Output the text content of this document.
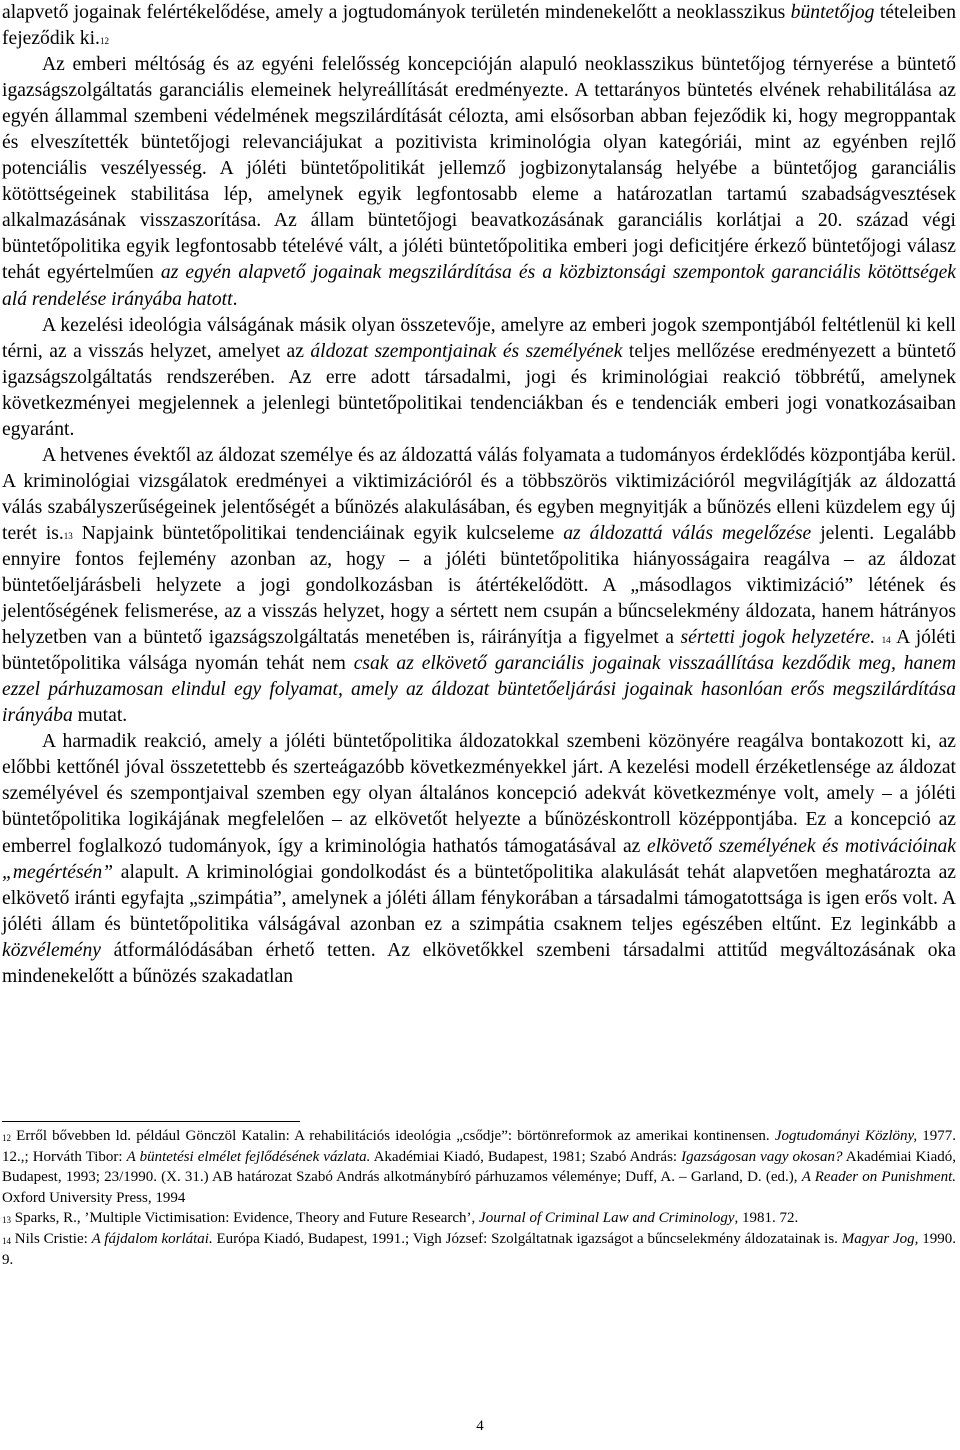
alapvető jogainak felértékelődése, amely a jogtudományok területén mindenekelőtt a neoklasszikus büntetőjog tételeiben fejeződik ki.$^{12}$

Az emberi méltóság és az egyéni felelősség koncepcióján alapuló neoklasszikus büntetőjog térnyerése a büntető igazságszolgáltatás garanciális elemeinek helyreállítását eredményezte. A tettarányos büntetés elvének rehabilitálása az egyén állammal szembeni védelmének megszilárdítását célozta, ami elsősorban abban fejeződik ki, hogy megroppantak és elveszítették büntetőjogi relevanciájukat a pozitivista kriminológia olyan kategóriái, mint az egyénben rejlő potenciális veszélyesség. A jóléti büntetőpolitikát jellemző jogbizonytalanság helyébe a büntetőjog garanciális kötöttségeinek stabilitása lép, amelynek egyik legfontosabb eleme a határozatlan tartamú szabadságvesztések alkalmazásának visszaszorítása. Az állam büntetőjogi beavatkozásának garanciális korlátjai a 20. század végi büntetőpolitika egyik legfontosabb tételévé vált, a jóléti büntetőpolitika emberi jogi deficitjére érkező büntetőjogi válasz tehát egyértelműen az egyén alapvető jogainak megszilárdítása és a közbiztonsági szempontok garanciális kötöttségek alá rendelése irányába hatott.

A kezelési ideológia válságának másik olyan összetevője, amelyre az emberi jogok szempontjából feltétlenül ki kell térni, az a visszás helyzet, amelyet az áldozat szempontjainak és személyének teljes mellőzése eredményezett a büntető igazságszolgáltatás rendszerében. Az erre adott társadalmi, jogi és kriminológiai reakció többrétű, amelynek következményei megjelennek a jelenlegi büntetőpolitikai tendenciákban és e tendenciák emberi jogi vonatkozásaiban egyaránt.

A hetvenes évektől az áldozat személye és az áldozattá válás folyamata a tudományos érdeklődés központjába kerül. A kriminológiai vizsgálatok eredményei a viktimizációról és a többszörös viktimizációról megvilágítják az áldozattá válás szabályszerűségeinek jelentőségét a bűnözés alakulásában, és egyben megnyitják a bűnözés elleni küzdelem egy új terét is.$^{13}$ Napjaink büntetőpolitikai tendenciáinak egyik kulcseleme az áldozattá válás megelőzése jelenti. Legalább ennyire fontos fejlemény azonban az, hogy – a jóléti büntetőpolitika hiányosságaira reagálva – az áldozat büntetőeljárásbeli helyzete a jogi gondolkozásban is átértékelődött. A „másodlagos viktimizáció” létének és jelentőségének felismerése, az a visszás helyzet, hogy a sértett nem csupán a bűncselekmény áldozata, hanem hátrányos helyzetben van a büntető igazságszolgáltatás menetében is, ráirányítja a figyelmet a sértetti jogok helyzetére. $^{14}$ A jóléti büntetőpolitika válsága nyomán tehát nem csak az elkövető garanciális jogainak visszaállítása kezdődik meg, hanem ezzel párhuzamosan elindul egy folyamat, amely az áldozat büntetőeljárási jogainak hasonlóan erős megszilárdítása irányába mutat.

A harmadik reakció, amely a jóléti büntetőpolitika áldozatokkal szembeni közönyére reagálva bontakozott ki, az előbbi kettőnél jóval összetettebb és szerteágazóbb következményekkel járt. A kezelési modell érzéketlensége az áldozat személyével és szempontjaival szemben egy olyan általános koncepció adekvát következménye volt, amely – a jóléti büntetőpolitika logikájának megfelelően – az elkövetőt helyezte a bűnözéskontroll középpontjába. Ez a koncepció az emberrel foglalkozó tudományok, így a kriminológia hathatós támogatásával az elkövető személyének és motivációinak „megértésén” alapult. A kriminológiai gondolkodást és a büntetőpolitika alakulását tehát alapvetően meghatározta az elkövető iránti egyfajta „szimpátia”, amelynek a jóléti állam fénykorában a társadalmi támogatottsága is igen erős volt. A jóléti állam és büntetőpolitika válságával azonban ez a szimpátia csaknem teljes egészében eltűnt. Ez leginkább a közvélemény átformálódásában érhető tetten. Az elkövetőkkel szembeni társadalmi attitűd megváltozásának oka mindenekelőtt a bűnözés szakadatlan

$^{12}$ Erről bővebben ld. például Gönczöl Katalin: A rehabilitációs ideológia „csődje”: börtönreformok az amerikai kontinensen. Jogtudományi Közlöny, 1977. 12.,; Horváth Tibor: A büntetési elmélet fejlődésének vázlata. Akadémiai Kiadó, Budapest, 1981; Szabó András: Igazságosan vagy okosan? Akadémiai Kiadó, Budapest, 1993; 23/1990. (X. 31.) AB határozat Szabó András alkotmánybíró párhuzamos véleménye; Duff, A. – Garland, D. (ed.), A Reader on Punishment. Oxford University Press, 1994

$^{13}$ Sparks, R., ’Multiple Victimisation: Evidence, Theory and Future Research’, Journal of Criminal Law and Criminology, 1981. 72.

$^{14}$ Nils Cristie: A fájdalom korlátai. Európa Kiadó, Budapest, 1991.; Vigh József: Szolgáltatnak igazságot a bűncselekmény áldozatainak is. Magyar Jog, 1990. 9.

4
